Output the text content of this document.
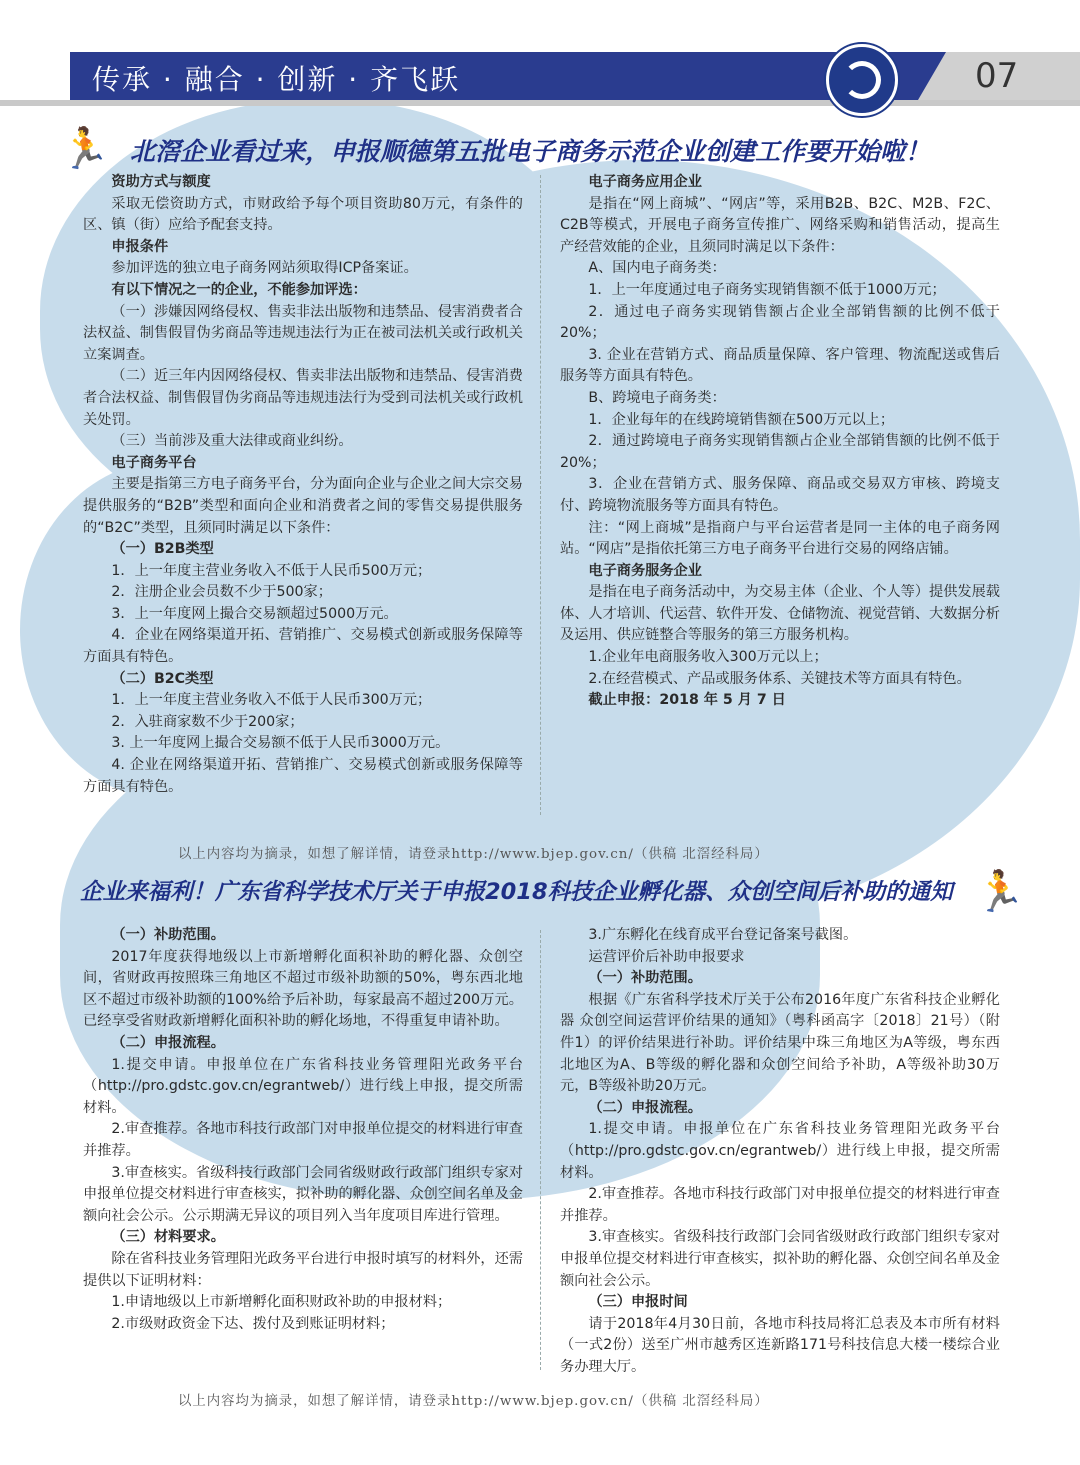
传承 · 融合 · 创新 · 齐飞跃	07
🏃 北滘企业看过来，申报顺德第五批电子商务示范企业创建工作要开始啦！

资助方式与额度

采取无偿资助方式，市财政给予每个项目资助80万元，有条件的区、镇（街）应给予配套支持。

申报条件

参加评选的独立电子商务网站须取得ICP备案证。

有以下情况之一的企业，不能参加评选：

（一）涉嫌因网络侵权、售卖非法出版物和违禁品、侵害消费者合法权益、制售假冒伪劣商品等违规违法行为正在被司法机关或行政机关立案调查。

（二）近三年内因网络侵权、售卖非法出版物和违禁品、侵害消费者合法权益、制售假冒伪劣商品等违规违法行为受到司法机关或行政机关处罚。

（三）当前涉及重大法律或商业纠纷。

电子商务平台

主要是指第三方电子商务平台，分为面向企业与企业之间大宗交易提供服务的“B2B”类型和面向企业和消费者之间的零售交易提供服务的“B2C”类型，且须同时满足以下条件：

（一）B2B类型

1．上一年度主营业务收入不低于人民币500万元；

2．注册企业会员数不少于500家；

3．上一年度网上撮合交易额超过5000万元。

4．企业在网络渠道开拓、营销推广、交易模式创新或服务保障等方面具有特色。

（二）B2C类型

1．上一年度主营业务收入不低于人民币300万元；

2．入驻商家数不少于200家；

3. 上一年度网上撮合交易额不低于人民币3000万元。

4. 企业在网络渠道开拓、营销推广、交易模式创新或服务保障等方面具有特色。

电子商务应用企业

是指在“网上商城”、“网店”等，采用B2B、B2C、M2B、F2C、C2B等模式，开展电子商务宣传推广、网络采购和销售活动，提高生产经营效能的企业，且须同时满足以下条件：

A、国内电子商务类：

1．上一年度通过电子商务实现销售额不低于1000万元；

2．通过电子商务实现销售额占企业全部销售额的比例不低于20%；

3. 企业在营销方式、商品质量保障、客户管理、物流配送或售后服务等方面具有特色。

B、跨境电子商务类：

1．企业每年的在线跨境销售额在500万元以上；

2．通过跨境电子商务实现销售额占企业全部销售额的比例不低于20%；

3．企业在营销方式、服务保障、商品或交易双方审核、跨境支付、跨境物流服务等方面具有特色。

注：“网上商城”是指商户与平台运营者是同一主体的电子商务网站。“网店”是指依托第三方电子商务平台进行交易的网络店铺。

电子商务服务企业

是指在电子商务活动中，为交易主体（企业、个人等）提供发展载体、人才培训、代运营、软件开发、仓储物流、视觉营销、大数据分析及运用、供应链整合等服务的第三方服务机构。

1.企业年电商服务收入300万元以上；

2.在经营模式、产品或服务体系、关键技术等方面具有特色。

截止申报：2018 年 5 月 7 日

以上内容均为摘录，如想了解详情，请登录http://www.bjep.gov.cn/（供稿 北滘经科局）
企业来福利！广东省科学技术厅关于申报2018科技企业孵化器、众创空间后补助的通知 🏃

（一）补助范围。

2017年度获得地级以上市新增孵化面积补助的孵化器、众创空间，省财政再按照珠三角地区不超过市级补助额的50%，粤东西北地区不超过市级补助额的100%给予后补助，每家最高不超过200万元。已经享受省财政新增孵化面积补助的孵化场地，不得重复申请补助。

（二）申报流程。

1.提交申请。申报单位在广东省科技业务管理阳光政务平台（http://pro.gdstc.gov.cn/egrantweb/）进行线上申报，提交所需材料。

2.审查推荐。各地市科技行政部门对申报单位提交的材料进行审查并推荐。

3.审查核实。省级科技行政部门会同省级财政行政部门组织专家对申报单位提交材料进行审查核实，拟补助的孵化器、众创空间名单及金额向社会公示。公示期满无异议的项目列入当年度项目库进行管理。

（三）材料要求。

除在省科技业务管理阳光政务平台进行申报时填写的材料外，还需提供以下证明材料：

1.申请地级以上市新增孵化面积财政补助的申报材料；

2.市级财政资金下达、拨付及到账证明材料；

3.广东孵化在线育成平台登记备案号截图。

运营评价后补助申报要求

（一）补助范围。

根据《广东省科学技术厅关于公布2016年度广东省科技企业孵化器 众创空间运营评价结果的通知》（粤科函高字〔2018〕21号）（附件1）的评价结果进行补助。评价结果中珠三角地区为A等级，粤东西北地区为A、B等级的孵化器和众创空间给予补助，A等级补助30万元，B等级补助20万元。

（二）申报流程。

1.提交申请。申报单位在广东省科技业务管理阳光政务平台（http://pro.gdstc.gov.cn/egrantweb/）进行线上申报，提交所需材料。

2.审查推荐。各地市科技行政部门对申报单位提交的材料进行审查并推荐。

3.审查核实。省级科技行政部门会同省级财政行政部门组织专家对申报单位提交材料进行审查核实，拟补助的孵化器、众创空间名单及金额向社会公示。

（三）申报时间

请于2018年4月30日前，各地市科技局将汇总表及本市所有材料（一式2份）送至广州市越秀区连新路171号科技信息大楼一楼综合业务办理大厅。

以上内容均为摘录，如想了解详情，请登录http://www.bjep.gov.cn/（供稿 北滘经科局）
